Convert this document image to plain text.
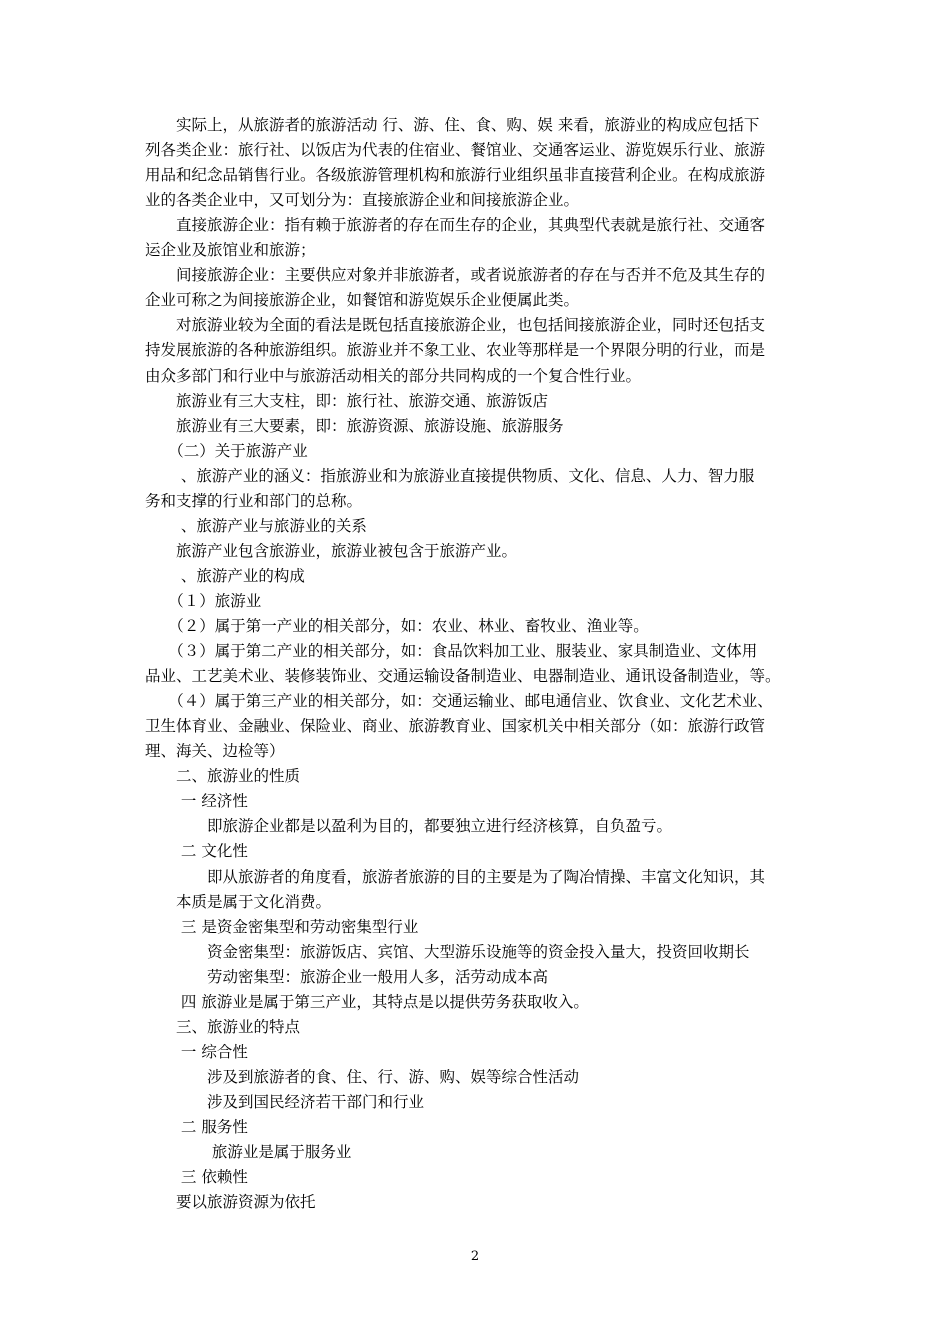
　　实际上，从旅游者的旅游活动 行、游、住、食、购、娱 来看，旅游业的构成应包括下
列各类企业：旅行社、以饭店为代表的住宿业、餐馆业、交通客运业、游览娱乐行业、旅游
用品和纪念品销售行业。各级旅游管理机构和旅游行业组织虽非直接营利企业。在构成旅游
业的各类企业中，又可划分为：直接旅游企业和间接旅游企业。
　　直接旅游企业：指有赖于旅游者的存在而生存的企业，其典型代表就是旅行社、交通客
运企业及旅馆业和旅游；
　　间接旅游企业：主要供应对象并非旅游者，或者说旅游者的存在与否并不危及其生存的
企业可称之为间接旅游企业，如餐馆和游览娱乐企业便属此类。
　　对旅游业较为全面的看法是既包括直接旅游企业，也包括间接旅游企业，同时还包括支
持发展旅游的各种旅游组织。旅游业并不象工业、农业等那样是一个界限分明的行业，而是
由众多部门和行业中与旅游活动相关的部分共同构成的一个复合性行业。
　　旅游业有三大支柱，即：旅行社、旅游交通、旅游饭店
　　旅游业有三大要素，即：旅游资源、旅游设施、旅游服务
　　（二）关于旅游产业
　　 、旅游产业的涵义：指旅游业和为旅游业直接提供物质、文化、信息、人力、智力服
务和支撑的行业和部门的总称。
　　 、旅游产业与旅游业的关系
　　旅游产业包含旅游业，旅游业被包含于旅游产业。
　　 、旅游产业的构成
　　（１）旅游业
　　（２）属于第一产业的相关部分，如：农业、林业、畜牧业、渔业等。
　　（３）属于第二产业的相关部分，如：食品饮料加工业、服装业、家具制造业、文体用
品业、工艺美术业、装修装饰业、交通运输设备制造业、电器制造业、通讯设备制造业，等。
　　（４）属于第三产业的相关部分，如：交通运输业、邮电通信业、饮食业、文化艺术业、
卫生体育业、金融业、保险业、商业、旅游教育业、国家机关中相关部分（如：旅游行政管
理、海关、边检等）
　　二、旅游业的性质
　　 一 经济性
　　　　即旅游企业都是以盈利为目的，都要独立进行经济核算，自负盈亏。
　　 二 文化性
　　　　即从旅游者的角度看，旅游者旅游的目的主要是为了陶冶情操、丰富文化知识，其
　　本质是属于文化消费。
　　 三 是资金密集型和劳动密集型行业
　　　　资金密集型：旅游饭店、宾馆、大型游乐设施等的资金投入量大，投资回收期长
　　　　劳动密集型：旅游企业一般用人多，活劳动成本高
　　 四 旅游业是属于第三产业，其特点是以提供劳务获取收入。
　　三、旅游业的特点
　　 一 综合性
　　　　涉及到旅游者的食、住、行、游、购、娱等综合性活动
　　　　涉及到国民经济若干部门和行业
　　 二 服务性
　　　　 旅游业是属于服务业
　　 三 依赖性
　　要以旅游资源为依托
2
